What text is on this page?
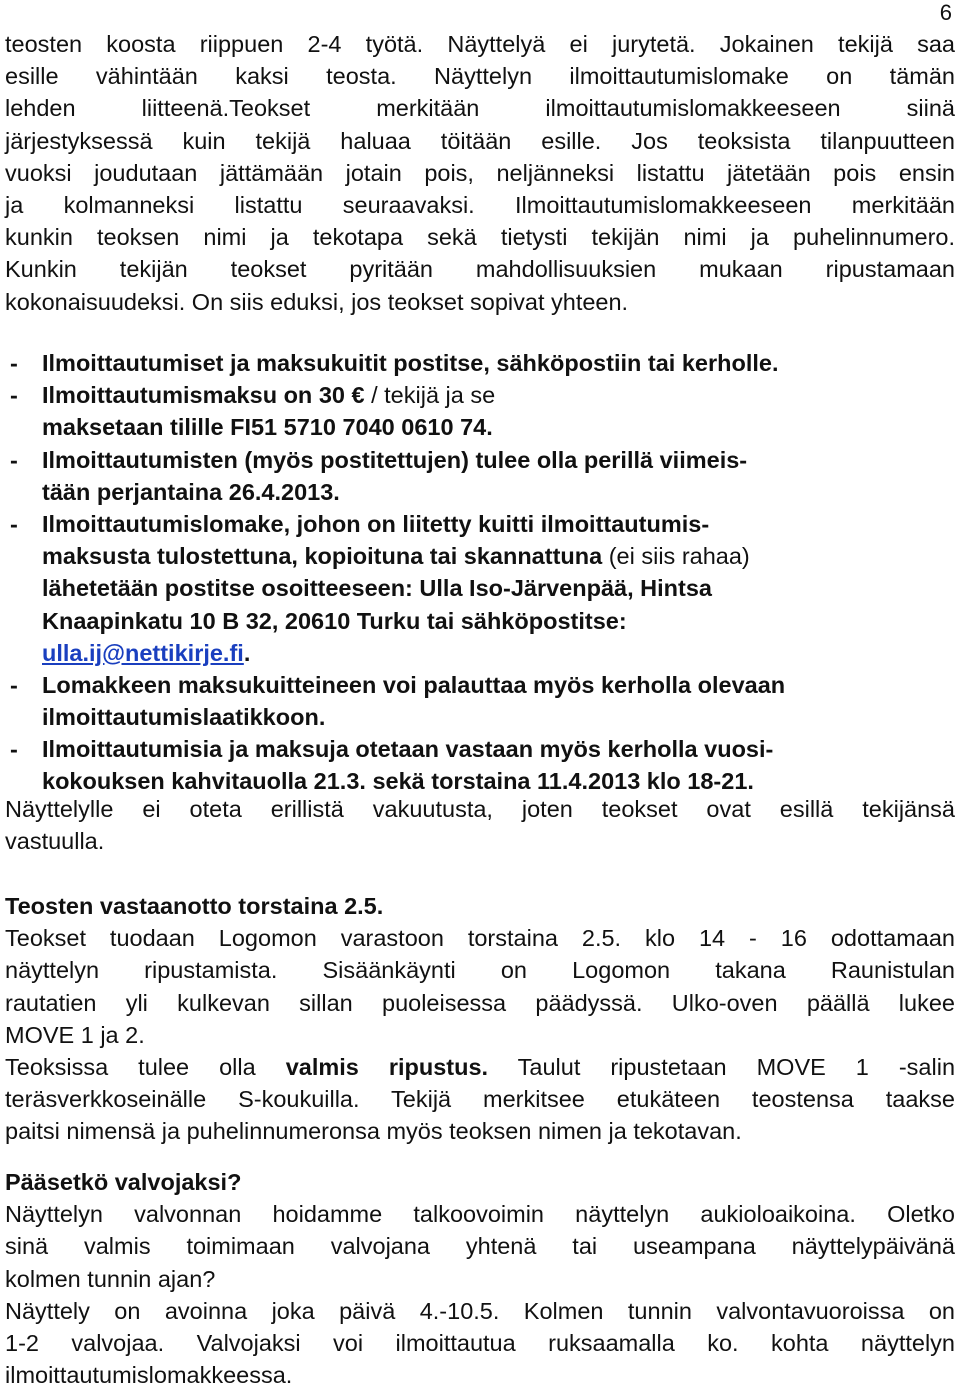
6
teosten koosta riippuen 2-4 työtä. Näyttelyä ei jurytetä. Jokainen tekijä saa
esille vähintään kaksi teosta. Näyttelyn ilmoittautumislomake on tämän
lehden liitteenä.Teokset merkitään ilmoittautumislomakkeeseen siinä
järjestyksessä kuin tekijä haluaa töitään esille. Jos teoksista tilanpuutteen
vuoksi joudutaan jättämään jotain pois, neljänneksi listattu jätetään pois ensin
ja kolmanneksi listattu seuraavaksi. Ilmoittautumislomakkeeseen merkitään
kunkin teoksen nimi ja tekotapa sekä tietysti tekijän nimi ja puhelinnumero.
Kunkin tekijän teokset pyritään mahdollisuuksien mukaan ripustamaan
kokonaisuudeksi. On siis eduksi, jos teokset sopivat yhteen.
- Ilmoittautumiset ja maksukuitit postitse, sähköpostiin tai kerholle.
- Ilmoittautumismaksu on 30 € / tekijä ja se
maksetaan tilille FI51 5710 7040 0610 74.
- Ilmoittautumisten (myös postitettujen) tulee olla perillä viimeis-
tään perjantaina 26.4.2013.
- Ilmoittautumislomake, johon on liitetty kuitti ilmoittautumis-
maksusta tulostettuna, kopioituna tai skannattuna (ei siis rahaa)
lähetetään postitse osoitteeseen: Ulla Iso-Järvenpää, Hintsa
Knaapinkatu 10 B 32, 20610 Turku tai sähköpostitse:
ulla.ij@nettikirje.fi.
- Lomakkeen maksukuitteineen voi palauttaa myös kerholla olevaan
ilmoittautumislaatikkoon.
- Ilmoittautumisia ja maksuja otetaan vastaan myös kerholla vuosi-
kokouksen kahvitauolla 21.3. sekä torstaina 11.4.2013 klo 18-21.
Näyttelylle ei oteta erillistä vakuutusta, joten teokset ovat esillä tekijänsä
vastuulla.
Teosten vastaanotto torstaina 2.5.
Teokset tuodaan Logomon varastoon torstaina 2.5. klo 14 - 16 odottamaan
näyttelyn ripustamista. Sisäänkäynti on Logomon takana Raunistulan
rautatien yli kulkevan sillan puoleisessa päädyssä. Ulko-oven päällä lukee
MOVE 1 ja 2.
Teoksissa tulee olla valmis ripustus. Taulut ripustetaan MOVE 1 -salin
teräsverkkoseinälle S-koukuilla. Tekijä merkitsee etukäteen teostensa taakse
paitsi nimensä ja puhelinnumeronsa myös teoksen nimen ja tekotavan.
Pääsetkö valvojaksi?
Näyttelyn valvonnan hoidamme talkoovoimin näyttelyn aukioloaikoina. Oletko
sinä valmis toimimaan valvojana yhtenä tai useampana näyttelypäivänä
kolmen tunnin ajan?
Näyttely on avoinna joka päivä 4.-10.5. Kolmen tunnin valvontavuoroissa on
1-2 valvojaa. Valvojaksi voi ilmoittautua ruksaamalla ko. kohta näyttelyn
ilmoittautumislomakkeessa.
